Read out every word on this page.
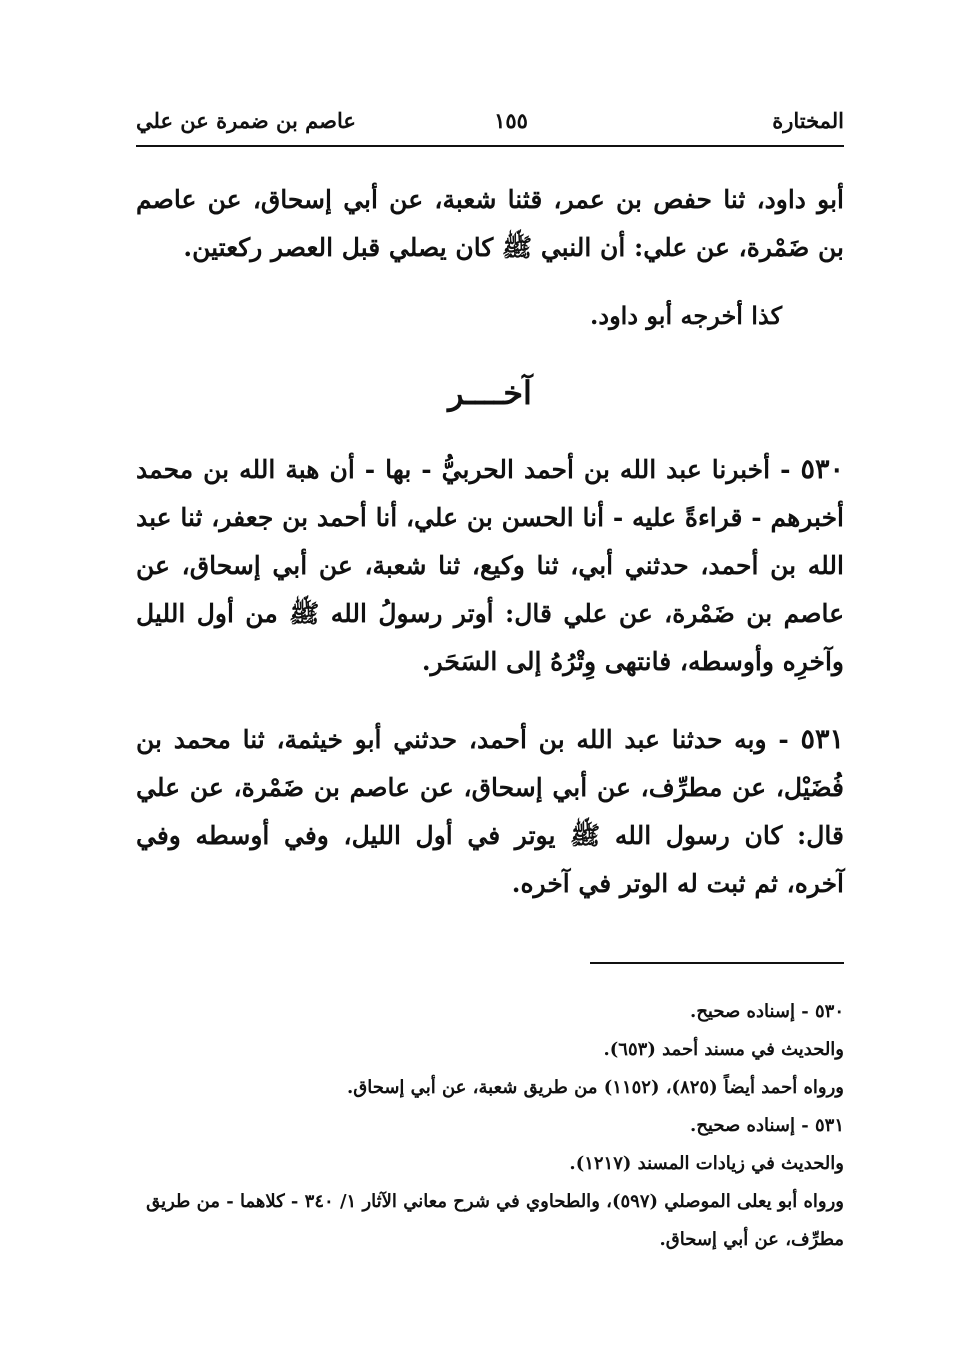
المختارة
١٥٥
عاصم بن ضمرة عن علي
أبو داود، ثنا حفص بن عمر، قثنا شعبة، عن أبي إسحاق، عن عاصم بن ضَمْرة، عن علي: أن النبي ﷺ كان يصلي قبل العصر ركعتين.
كذا أخرجه أبو داود.
آخــــر
٥٣٠ - أخبرنا عبد الله بن أحمد الحربيُّ - بها - أن هبة الله بن محمد أخبرهم - قراءةً عليه - أنا الحسن بن علي، أنا أحمد بن جعفر، ثنا عبد الله بن أحمد، حدثني أبي، ثنا وكيع، ثنا شعبة، عن أبي إسحاق، عن عاصم بن ضَمْرة، عن علي قال: أوتر رسولُ الله ﷺ من أول الليل وآخرِه وأوسطه، فانتهى وِتْرُهُ إلى السَحَر.
٥٣١ - وبه حدثنا عبد الله بن أحمد، حدثني أبو خيثمة، ثنا محمد بن فُضَيْل، عن مطرِّف، عن أبي إسحاق، عن عاصم بن ضَمْرة، عن علي قال: كان رسول الله ﷺ يوتر في أول الليل، وفي أوسطه وفي آخره، ثم ثبت له الوتر في آخره.
٥٣٠ - إسناده صحيح.
والحديث في مسند أحمد (٦٥٣).
ورواه أحمد أيضاً (٨٢٥)، (١١٥٢) من طريق شعبة، عن أبي إسحاق.
٥٣١ - إسناده صحيح.
والحديث في زيادات المسند (١٢١٧).
ورواه أبو يعلى الموصلي (٥٩٧)، والطحاوي في شرح معاني الآثار ١/ ٣٤٠ - كلاهما - من طريق مطرِّف، عن أبي إسحاق.
